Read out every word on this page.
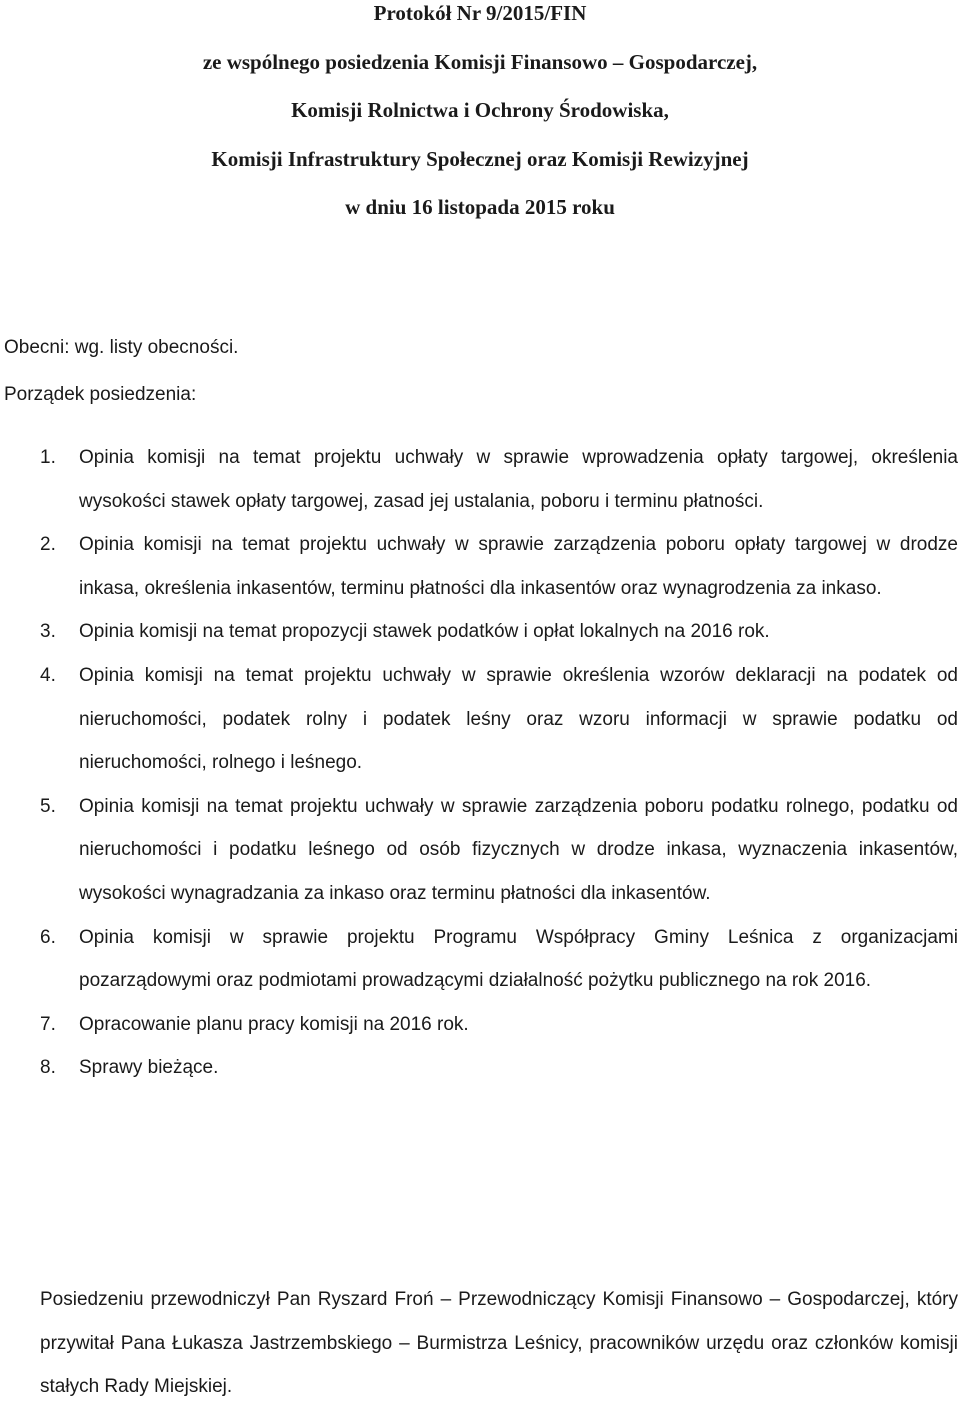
Protokół Nr 9/2015/FIN
ze wspólnego posiedzenia Komisji Finansowo – Gospodarczej,
Komisji Rolnictwa i Ochrony Środowiska,
Komisji Infrastruktury Społecznej oraz Komisji Rewizyjnej
w dniu 16 listopada 2015 roku
Obecni: wg. listy obecności.
Porządek posiedzenia:
1. Opinia komisji na temat projektu uchwały w sprawie wprowadzenia opłaty targowej, określenia wysokości stawek opłaty targowej, zasad jej ustalania, poboru i terminu płatności.
2. Opinia komisji na temat projektu uchwały w sprawie zarządzenia poboru opłaty targowej w drodze inkasa, określenia inkasentów, terminu płatności dla inkasentów oraz wynagrodzenia za inkaso.
3. Opinia komisji na temat propozycji stawek podatków i opłat lokalnych na 2016 rok.
4. Opinia komisji na temat projektu uchwały w sprawie określenia wzorów deklaracji na podatek od nieruchomości, podatek rolny i podatek leśny oraz wzoru informacji w sprawie podatku od nieruchomości, rolnego i leśnego.
5. Opinia komisji na temat projektu uchwały w sprawie zarządzenia poboru podatku rolnego, podatku od nieruchomości i podatku leśnego od osób fizycznych w drodze inkasa, wyznaczenia inkasentów, wysokości wynagradzania za inkaso oraz terminu płatności dla inkasentów.
6. Opinia komisji w sprawie projektu Programu Współpracy Gminy Leśnica z organizacjami pozarządowymi oraz podmiotami prowadzącymi działalność pożytku publicznego na rok 2016.
7. Opracowanie planu pracy komisji na 2016 rok.
8. Sprawy bieżące.

Posiedzeniu przewodniczył Pan Ryszard Froń – Przewodniczący Komisji Finansowo – Gospodarczej, który przywitał Pana Łukasza Jastrzembskiego – Burmistrza Leśnicy, pracowników urzędu oraz członków komisji stałych Rady Miejskiej.
